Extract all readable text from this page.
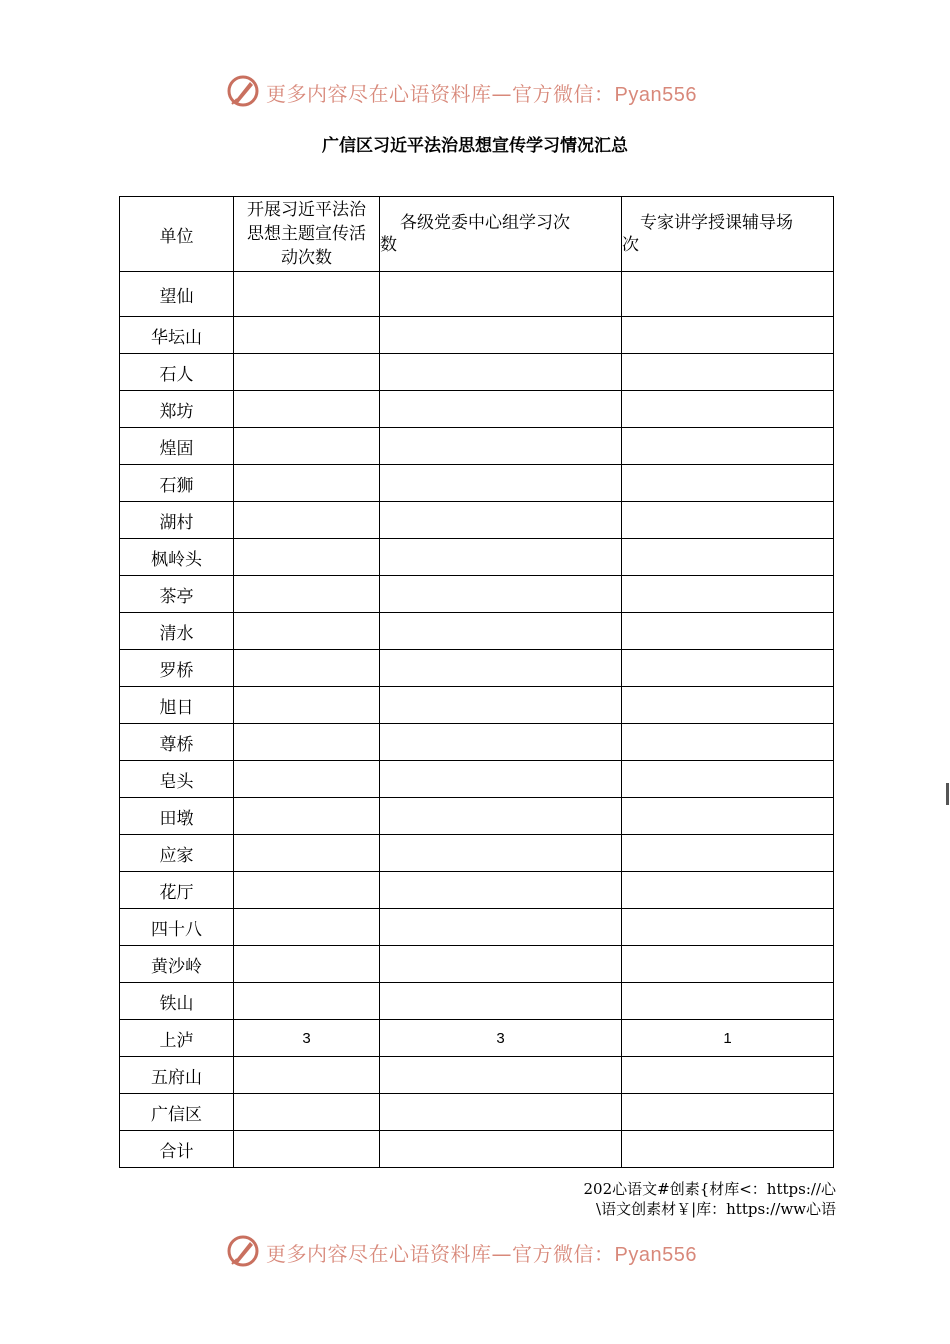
更多内容尽在心语资料库—官方微信：Pyan556
广信区习近平法治思想宣传学习情况汇总
单位	开展习近平法治思想主题宣传活动次数	各级党委中心组学习次
数	专家讲学授课辅导场
次

望仙			
华坛山			
石人			
郑坊			
煌固			
石狮			
湖村			
枫岭头			
茶亭			
清水			
罗桥			
旭日			
尊桥			
皂头			
田墩			
应家			
花厅			
四十八			
黄沙岭			
铁山			
上泸	3	3	1
五府山			
广信区			
合计			
202心语文#创素{材库<：https://心
\语文创素材￥|库：https://ww心语
更多内容尽在心语资料库—官方微信：Pyan556
